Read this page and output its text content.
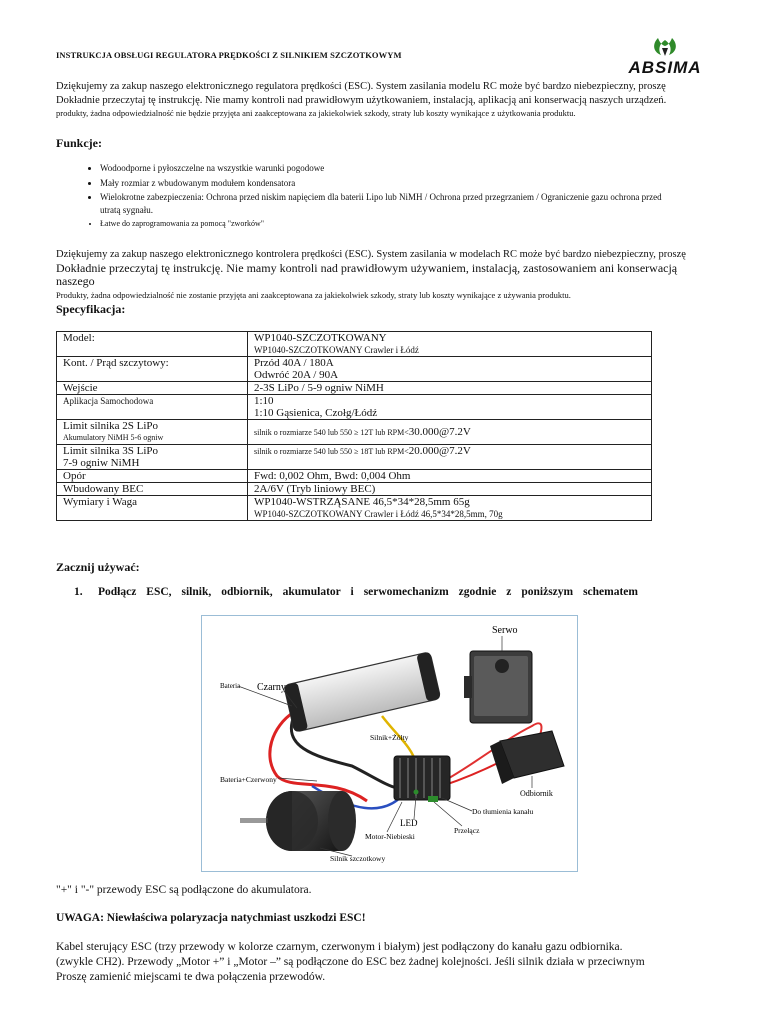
INSTRUKCJA OBSŁUGI REGULATORA PRĘDKOŚCI Z SILNIKIEM SZCZOTKOWYM
ABSIMA
Dziękujemy za zakup naszego elektronicznego regulatora prędkości (ESC). System zasilania modelu RC może być bardzo niebezpieczny, proszę
Dokładnie przeczytaj tę instrukcję. Nie mamy kontroli nad prawidłowym użytkowaniem, instalacją, aplikacją ani konserwacją naszych urządzeń.
produkty, żadna odpowiedzialność nie będzie przyjęta ani zaakceptowana za jakiekolwiek szkody, straty lub koszty wynikające z użytkowania produktu.
Funkcje:
• Wodoodporne i pyłoszczelne na wszystkie warunki pogodowe
• Mały rozmiar z wbudowanym modułem kondensatora
• Wielokrotne zabezpieczenia: Ochrona przed niskim napięciem dla baterii Lipo lub NiMH / Ochrona przed przegrzaniem / Ograniczenie gazu ochrona przed utratą sygnału.
• Łatwe do zaprogramowania za pomocą "zworków"
Dziękujemy za zakup naszego elektronicznego kontrolera prędkości (ESC). System zasilania w modelach RC może być bardzo niebezpieczny, proszę
Dokładnie przeczytaj tę instrukcję. Nie mamy kontroli nad prawidłowym używaniem, instalacją, zastosowaniem ani konserwacją naszego
Produkty, żadna odpowiedzialność nie zostanie przyjęta ani zaakceptowana za jakiekolwiek szkody, straty lub koszty wynikające z używania produktu.
Specyfikacja:
Model:	WP1040-SZCZOTKOWANY
WP1040-SZCZOTKOWANY Crawler i Łódź

Kont. / Prąd szczytowy:	Przód 40A / 180A
Odwróć 20A / 90A

Wejście	2-3S LiPo / 5-9 ogniw NiMH
Aplikacja Samochodowa	1:10
1:10 Gąsienica, Czołg/Łódź

Limit silnika 2S LiPo
Akumulatory NiMH 5-6 ogniw	silnik o rozmiarze 540 lub 550 ≥ 12T lub RPM<30.000@7.2V

Limit silnika 3S LiPo
7-9 ogniw NiMH	silnik o rozmiarze 540 lub 550 ≥ 18T lub RPM<20.000@7.2V
Opór	Fwd: 0,002 Ohm, Bwd: 0,004 Ohm
Wbudowany BEC	2A/6V (Tryb liniowy BEC)
Wymiary i Waga	WP1040-WSTRZĄSANE 46,5*34*28,5mm 65g
WP1040-SZCZOTKOWANY Crawler i Łódź 46,5*34*28,5mm, 70g
Zacznij używać:
1. Podłącz ESC, silnik, odbiornik, akumulator i serwomechanizm zgodnie z poniższym schematem
Serwo
Bateria Czarny
Silnik+Żółty
Bateria+Czerwony
Odbiornik
Do tłumienia kanału
LED
Przełącz
Motor-Niebieski
Silnik szczotkowy
"+" i "-" przewody ESC są podłączone do akumulatora.
UWAGA: Niewłaściwa polaryzacja natychmiast uszkodzi ESC!
Kabel sterujący ESC (trzy przewody w kolorze czarnym, czerwonym i białym) jest podłączony do kanału gazu odbiornika.
(zwykle CH2). Przewody „Motor +” i „Motor –” są podłączone do ESC bez żadnej kolejności. Jeśli silnik działa w przeciwnym
Proszę zamienić miejscami te dwa połączenia przewodów.
